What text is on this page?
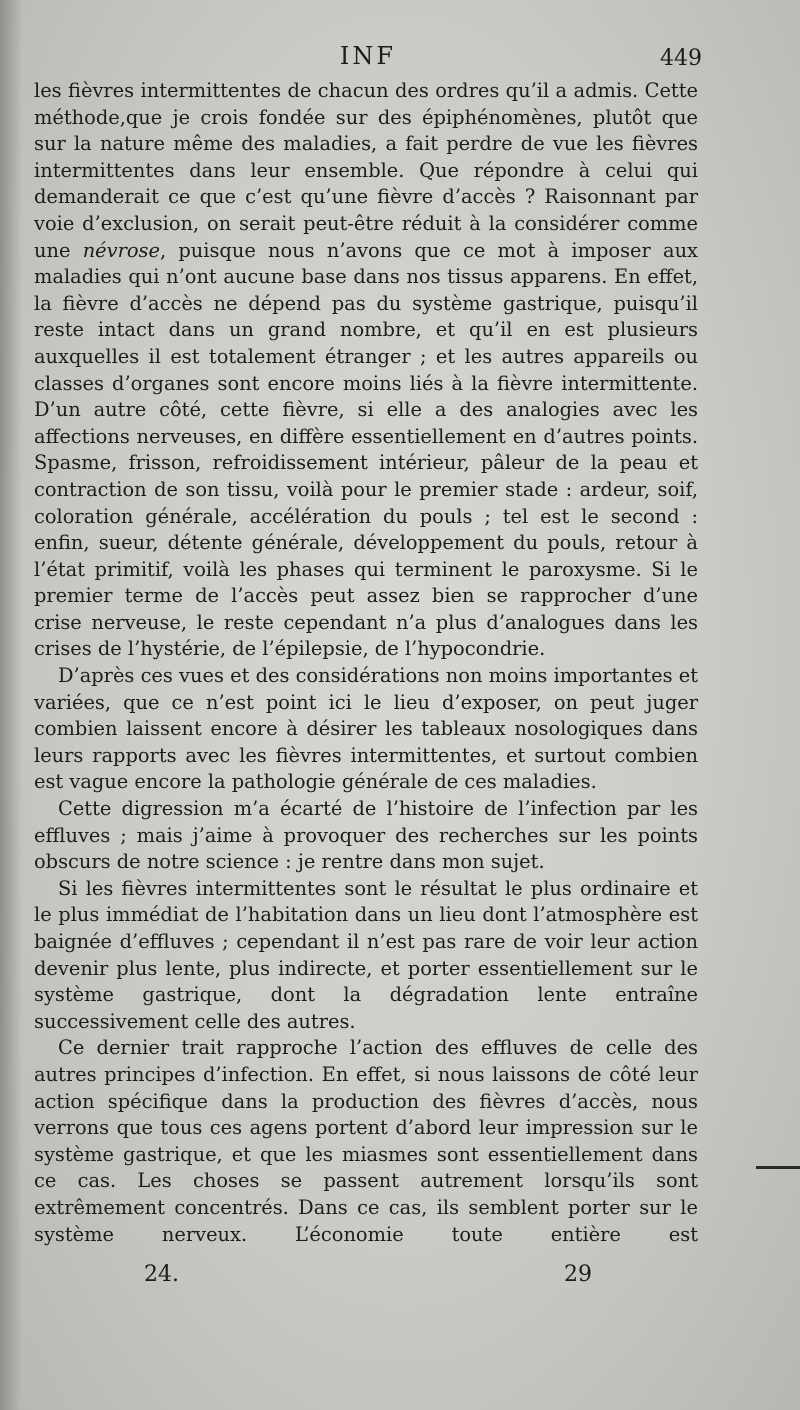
INF	449

les fièvres intermittentes de chacun des ordres qu’il a admis. Cette méthode,que je crois fondée sur des épiphénomènes, plutôt que sur la nature même des maladies, a fait perdre de vue les fièvres intermittentes dans leur ensemble. Que répondre à celui qui demanderait ce que c’est qu’une fièvre d’accès ? Raisonnant par voie d’exclusion, on serait peut-être réduit à la considérer comme une névrose, puisque nous n’avons que ce mot à imposer aux maladies qui n’ont aucune base dans nos tissus apparens. En effet, la fièvre d’accès ne dépend pas du système gastrique, puisqu’il reste intact dans un grand nombre, et qu’il en est plusieurs auxquelles il est totalement étranger ; et les autres appareils ou classes d’organes sont encore moins liés à la fièvre intermittente. D’un autre côté, cette fièvre, si elle a des analogies avec les affections nerveuses, en diffère essentiellement en d’autres points. Spasme, frisson, refroidissement intérieur, pâleur de la peau et contraction de son tissu, voilà pour le premier stade : ardeur, soif, coloration générale, accélération du pouls ; tel est le second : enfin, sueur, détente générale, développement du pouls, retour à l’état primitif, voilà les phases qui terminent le paroxysme. Si le premier terme de l’accès peut assez bien se rapprocher d’une crise nerveuse, le reste cependant n’a plus d’analogues dans les crises de l’hystérie, de l’épilepsie, de l’hypocondrie.

D’après ces vues et des considérations non moins importantes et variées, que ce n’est point ici le lieu d’exposer, on peut juger combien laissent encore à désirer les tableaux nosologiques dans leurs rapports avec les fièvres intermittentes, et surtout combien est vague encore la pathologie générale de ces maladies.

Cette digression m’a écarté de l’histoire de l’infection par les effluves ; mais j’aime à provoquer des recherches sur les points obscurs de notre science : je rentre dans mon sujet.

Si les fièvres intermittentes sont le résultat le plus ordinaire et le plus immédiat de l’habitation dans un lieu dont l’atmosphère est baignée d’effluves ; cependant il n’est pas rare de voir leur action devenir plus lente, plus indirecte, et porter essentiellement sur le système gastrique, dont la dégradation lente entraîne successivement celle des autres.

Ce dernier trait rapproche l’action des effluves de celle des autres principes d’infection. En effet, si nous laissons de côté leur action spécifique dans la production des fièvres d’accès, nous verrons que tous ces agens portent d’abord leur impression sur le système gastrique, et que les miasmes sont essentiellement dans ce cas. Les choses se passent autrement lorsqu’ils sont extrêmement concentrés. Dans ce cas, ils semblent porter sur le système nerveux. L’économie toute entière est

24.	29
